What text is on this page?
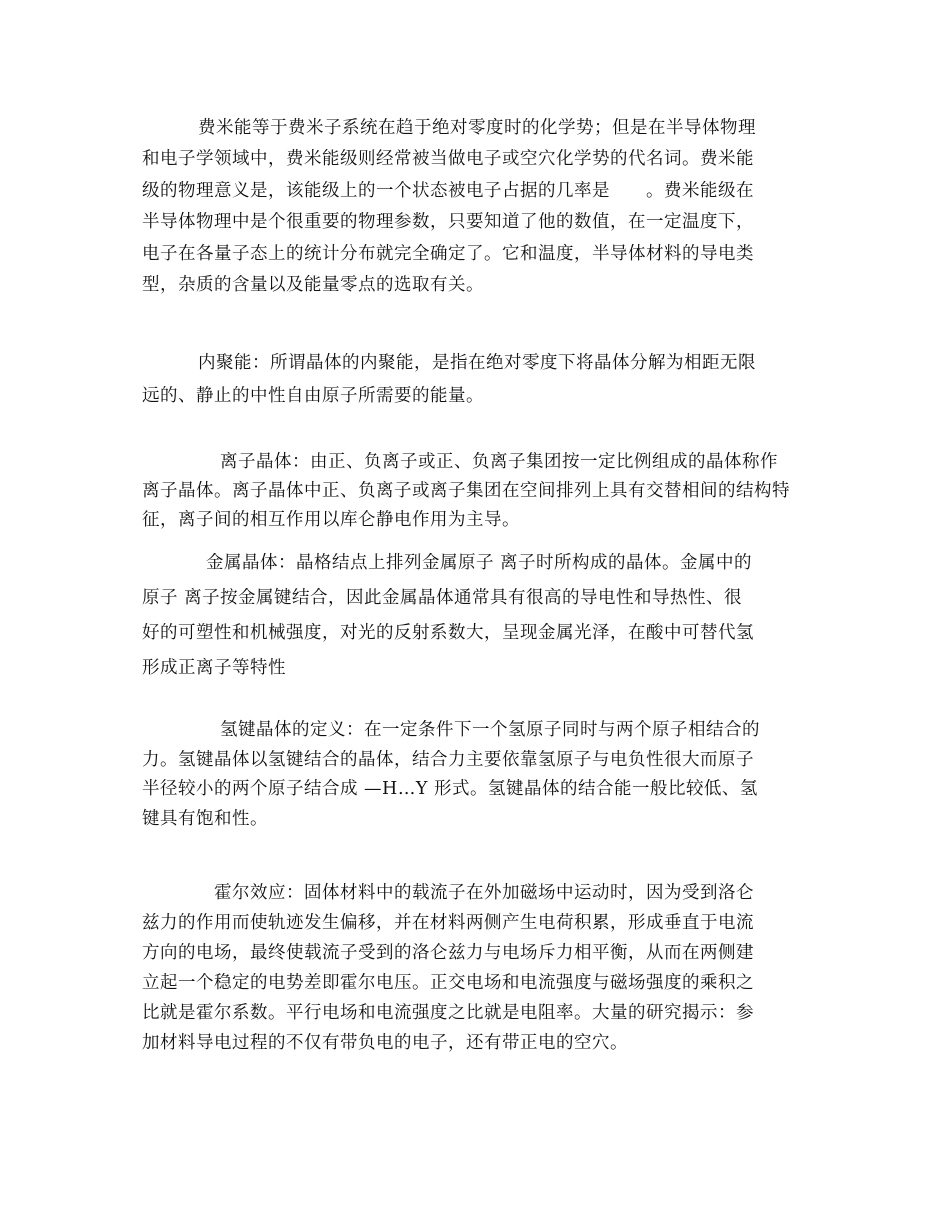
费米能等于费米子系统在趋于绝对零度时的化学势；但是在半导体物理
和电子学领域中，费米能级则经常被当做电子或空穴化学势的代名词。费米能
级的物理意义是，该能级上的一个状态被电子占据的几率是　　。费米能级在
半导体物理中是个很重要的物理参数，只要知道了他的数值，在一定温度下，
电子在各量子态上的统计分布就完全确定了。它和温度，半导体材料的导电类
型，杂质的含量以及能量零点的选取有关。
内聚能：所谓晶体的内聚能，是指在绝对零度下将晶体分解为相距无限
远的、静止的中性自由原子所需要的能量。
离子晶体：由正、负离子或正、负离子集团按一定比例组成的晶体称作
离子晶体。离子晶体中正、负离子或离子集团在空间排列上具有交替相间的结构特
征，离子间的相互作用以库仑静电作用为主导。
金属晶体：晶格结点上排列金属原子 离子时所构成的晶体。金属中的
原子 离子按金属键结合，因此金属晶体通常具有很高的导电性和导热性、很
好的可塑性和机械强度，对光的反射系数大，呈现金属光泽，在酸中可替代氢
形成正离子等特性
氢键晶体的定义：在一定条件下一个氢原子同时与两个原子相结合的
力。氢键晶体以氢键结合的晶体，结合力主要依靠氢原子与电负性很大而原子
半径较小的两个原子结合成 —H…Y 形式。氢键晶体的结合能一般比较低、氢
键具有饱和性。
霍尔效应：固体材料中的载流子在外加磁场中运动时，因为受到洛仑
兹力的作用而使轨迹发生偏移，并在材料两侧产生电荷积累，形成垂直于电流
方向的电场，最终使载流子受到的洛仑兹力与电场斥力相平衡，从而在两侧建
立起一个稳定的电势差即霍尔电压。正交电场和电流强度与磁场强度的乘积之
比就是霍尔系数。平行电场和电流强度之比就是电阻率。大量的研究揭示：参
加材料导电过程的不仅有带负电的电子，还有带正电的空穴。
